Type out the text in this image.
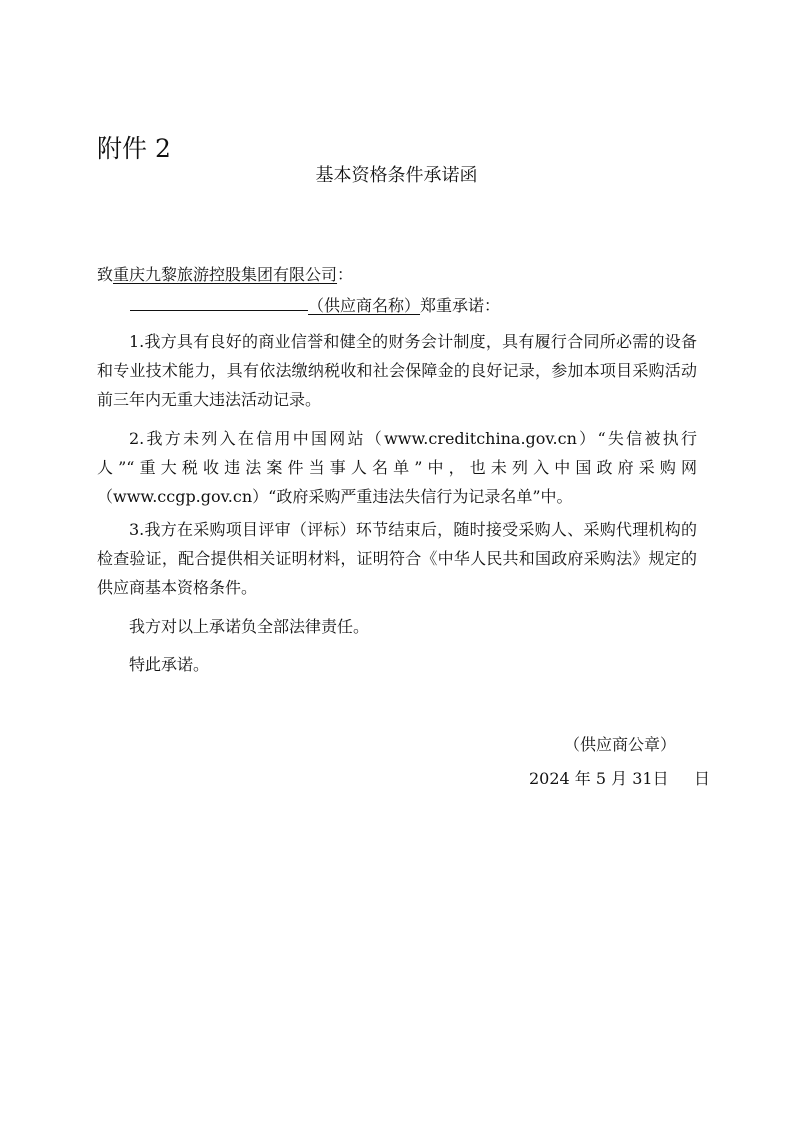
附件 2
基本资格条件承诺函
致重庆九黎旅游控股集团有限公司：
（供应商名称）郑重承诺：

1.我方具有良好的商业信誉和健全的财务会计制度，具有履行合同所必需的设备和专业技术能力，具有依法缴纳税收和社会保障金的良好记录，参加本项目采购活动前三年内无重大违法活动记录。

2.我方未列入在信用中国网站（www.creditchina.gov.cn）“失信被执行人”“重大税收违法案件当事人名单”中，也未列入中国政府采购网（www.ccgp.gov.cn）“政府采购严重违法失信行为记录名单”中。

3.我方在采购项目评审（评标）环节结束后，随时接受采购人、采购代理机构的检查验证，配合提供相关证明材料，证明符合《中华人民共和国政府采购法》规定的供应商基本资格条件。

我方对以上承诺负全部法律责任。

特此承诺。

（供应商公章）
2024 年 5 月 31日     日
